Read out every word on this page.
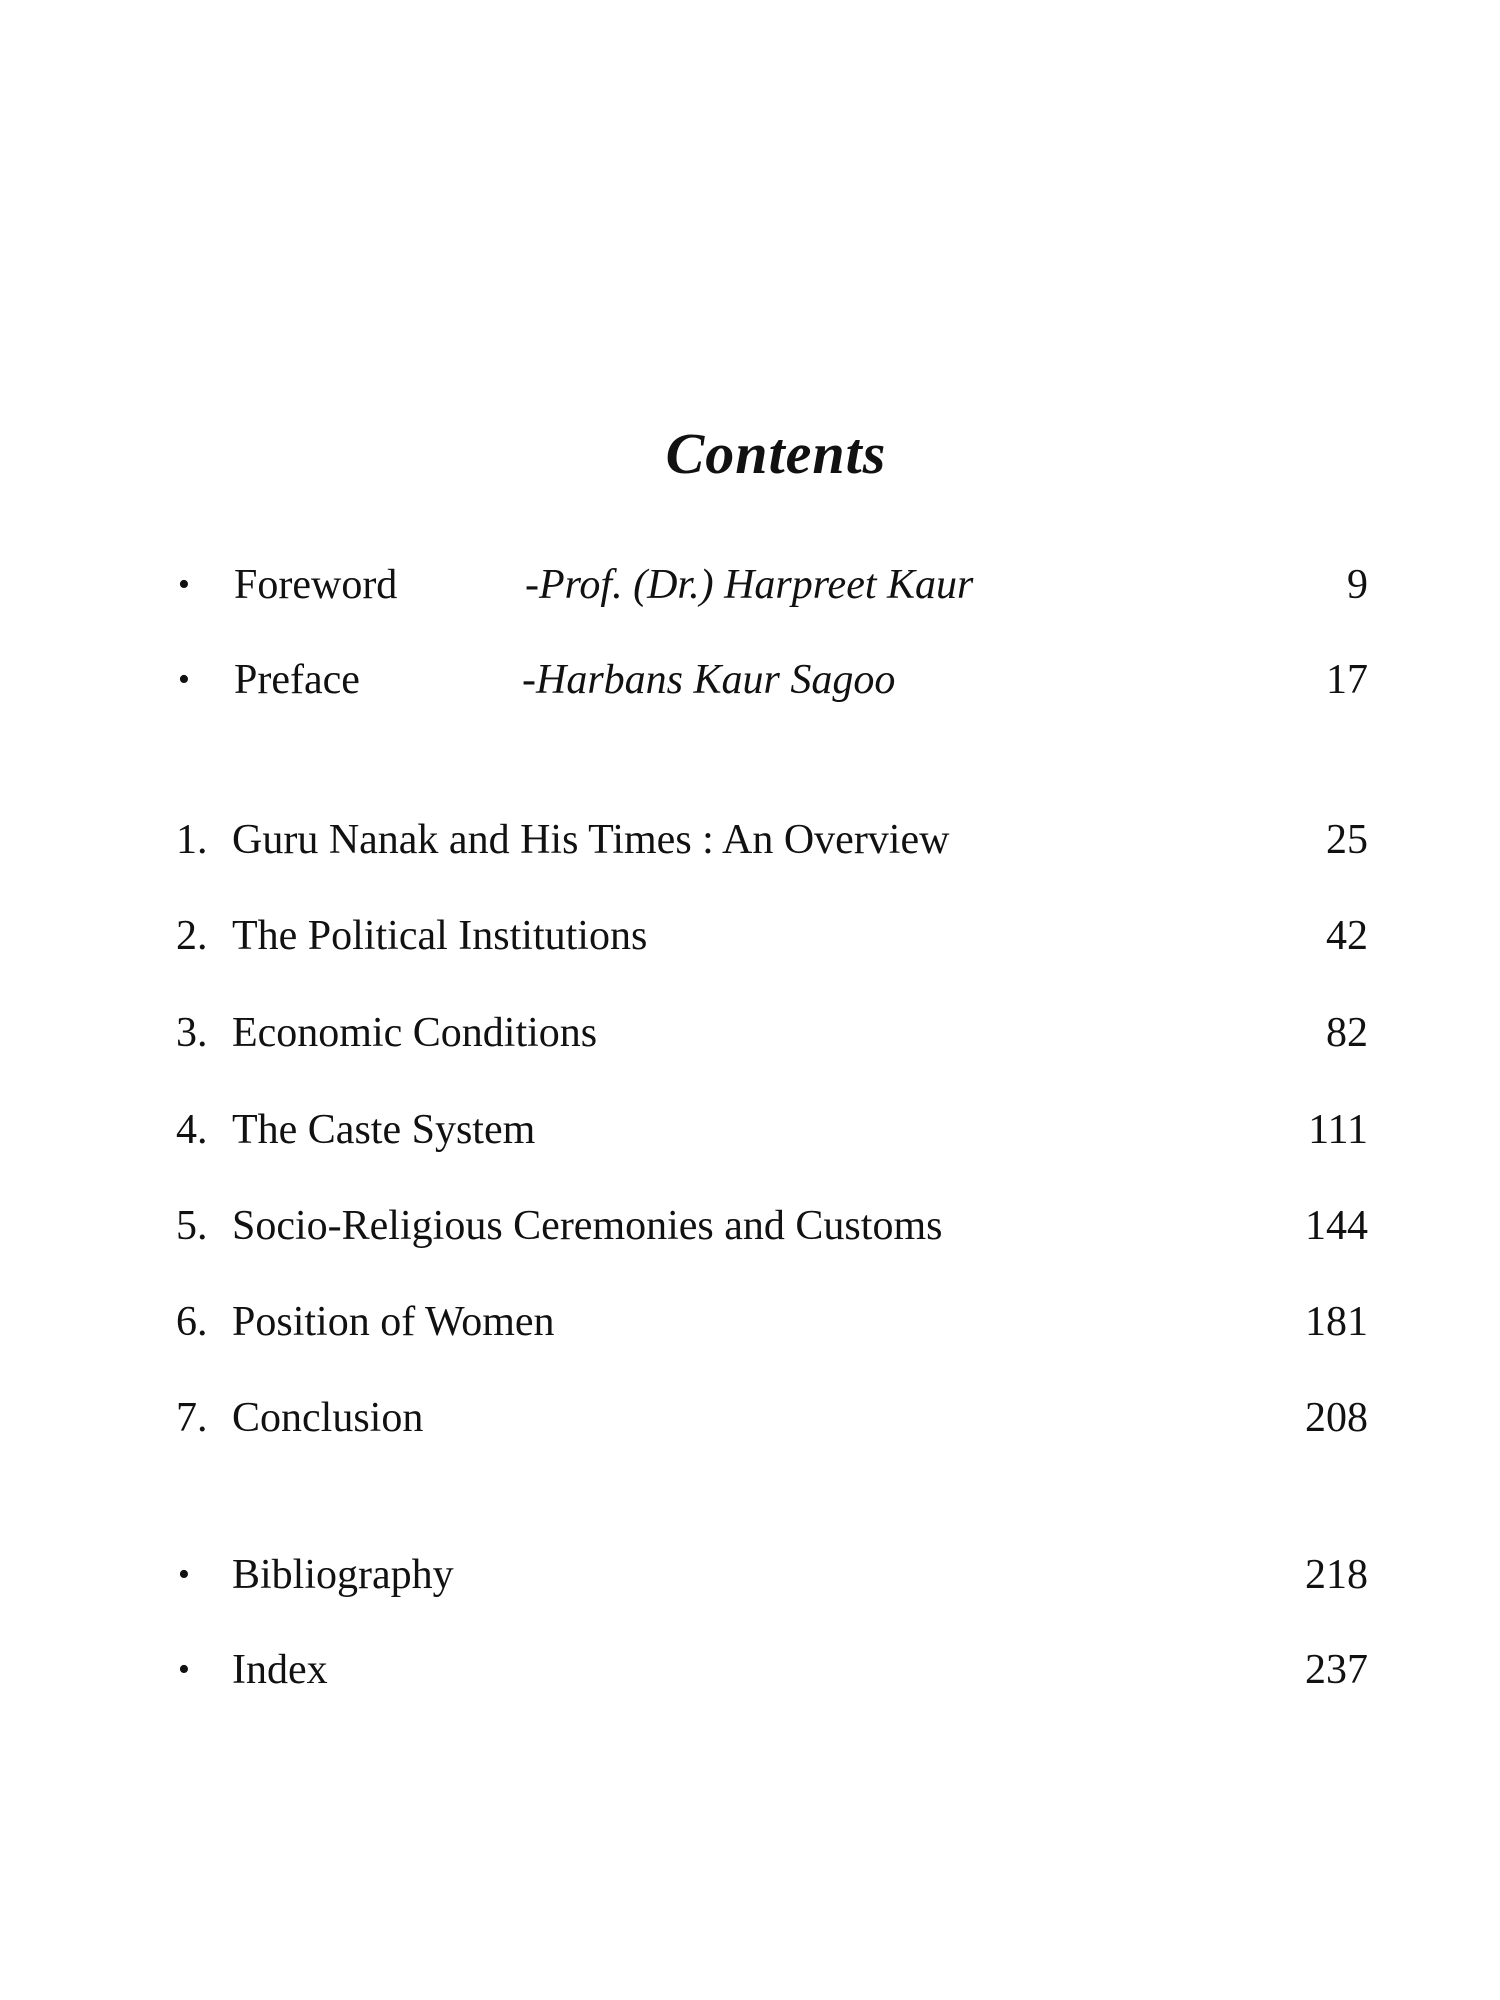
Contents
• Foreword	-Prof. (Dr.) Harpreet Kaur	9
• Preface	-Harbans Kaur Sagoo	17
1. Guru Nanak and His Times : An Overview	25
2. The Political Institutions	42
3. Economic Conditions	82
4. The Caste System	111
5. Socio-Religious Ceremonies and Customs	144
6. Position of Women	181
7. Conclusion	208
• Bibliography	218
• Index	237
